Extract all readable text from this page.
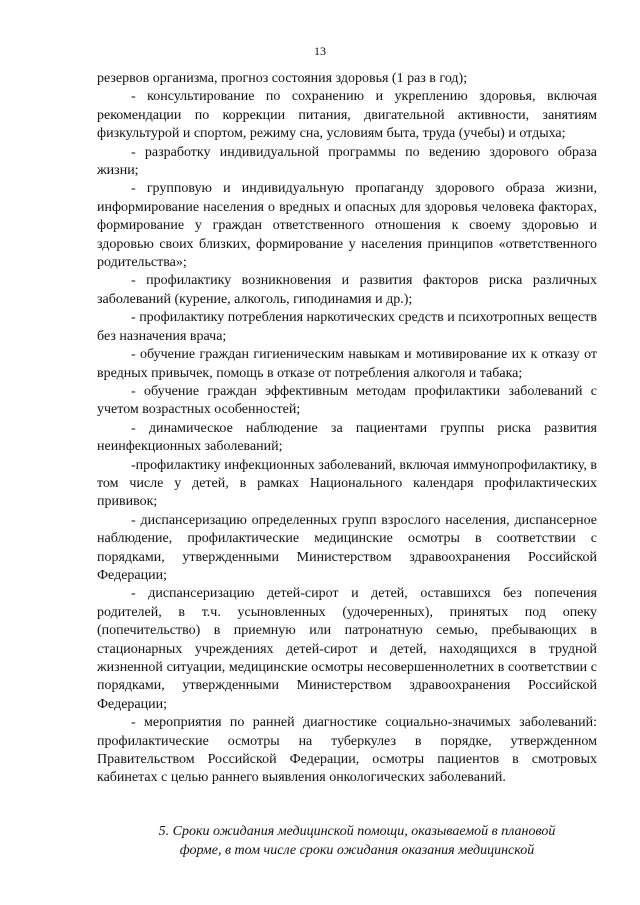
13

резервов организма, прогноз состояния здоровья (1 раз в год);

- консультирование по сохранению и укреплению здоровья, включая рекомендации по коррекции питания, двигательной активности, занятиям физкультурой и спортом, режиму сна, условиям быта, труда (учебы) и отдыха;

- разработку индивидуальной программы по ведению здорового образа жизни;

- групповую и индивидуальную пропаганду здорового образа жизни, информирование населения о вредных и опасных для здоровья человека факторах, формирование у граждан ответственного отношения к своему здоровью и здоровью своих близких, формирование у населения принципов «ответственного родительства»;

- профилактику возникновения и развития факторов риска различных заболеваний (курение, алкоголь, гиподинамия и др.);

- профилактику потребления наркотических средств и психотропных веществ без назначения врача;

- обучение граждан гигиеническим навыкам и мотивирование их к отказу от вредных привычек, помощь в отказе от потребления алкоголя и табака;

- обучение граждан эффективным методам профилактики заболеваний с учетом возрастных особенностей;

- динамическое наблюдение за пациентами группы риска развития неинфекционных заболеваний;

-профилактику инфекционных заболеваний, включая иммунопрофилактику, в том числе у детей, в рамках Национального календаря профилактических прививок;

- диспансеризацию определенных групп взрослого населения, диспансерное наблюдение, профилактические медицинские осмотры в соответствии с порядками, утвержденными Министерством здравоохранения Российской Федерации;

- диспансеризацию детей-сирот и детей, оставшихся без попечения родителей, в т.ч. усыновленных (удочеренных), принятых под опеку (попечительство) в приемную или патронатную семью, пребывающих в стационарных учреждениях детей-сирот и детей, находящихся в трудной жизненной ситуации, медицинские осмотры несовершеннолетних в соответствии с порядками, утвержденными Министерством здравоохранения Российской Федерации;

- мероприятия по ранней диагностике социально-значимых заболеваний: профилактические осмотры на туберкулез в порядке, утвержденном Правительством Российской Федерации, осмотры пациентов в смотровых кабинетах с целью раннего выявления онкологических заболеваний.

5. Сроки ожидания медицинской помощи, оказываемой в плановой
форме, в том числе сроки ожидания оказания медицинской
